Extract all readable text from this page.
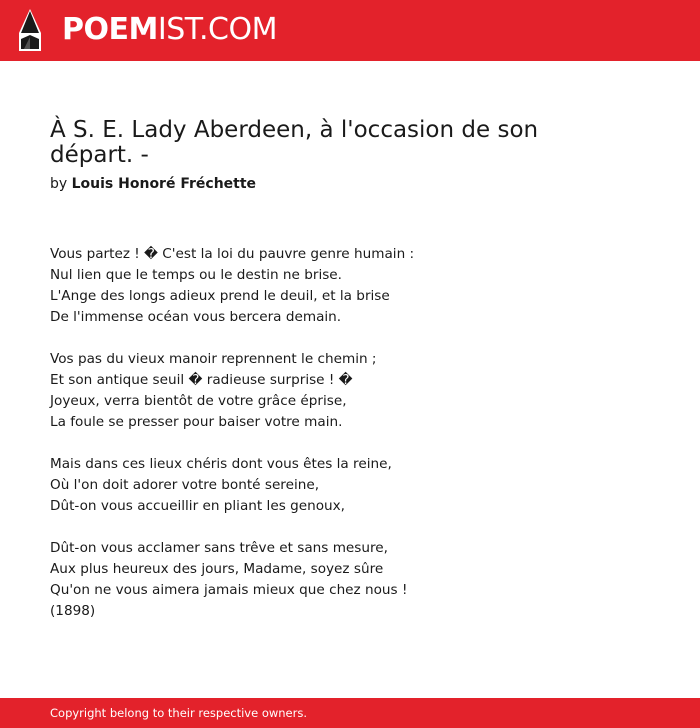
POEMIST.COM
À S. E. Lady Aberdeen, à l'occasion de son départ. -
by Louis Honoré Fréchette
Vous partez ! � C'est la loi du pauvre genre humain :
Nul lien que le temps ou le destin ne brise.
L'Ange des longs adieux prend le deuil, et la brise
De l'immense océan vous bercera demain.
Vos pas du vieux manoir reprennent le chemin ;
Et son antique seuil � radieuse surprise ! �
Joyeux, verra bientôt de votre grâce éprise,
La foule se presser pour baiser votre main.
Mais dans ces lieux chéris dont vous êtes la reine,
Où l'on doit adorer votre bonté sereine,
Dût-on vous accueillir en pliant les genoux,
Dût-on vous acclamer sans trêve et sans mesure,
Aux plus heureux des jours, Madame, soyez sûre
Qu'on ne vous aimera jamais mieux que chez nous !
(1898)
Copyright belong to their respective owners.
